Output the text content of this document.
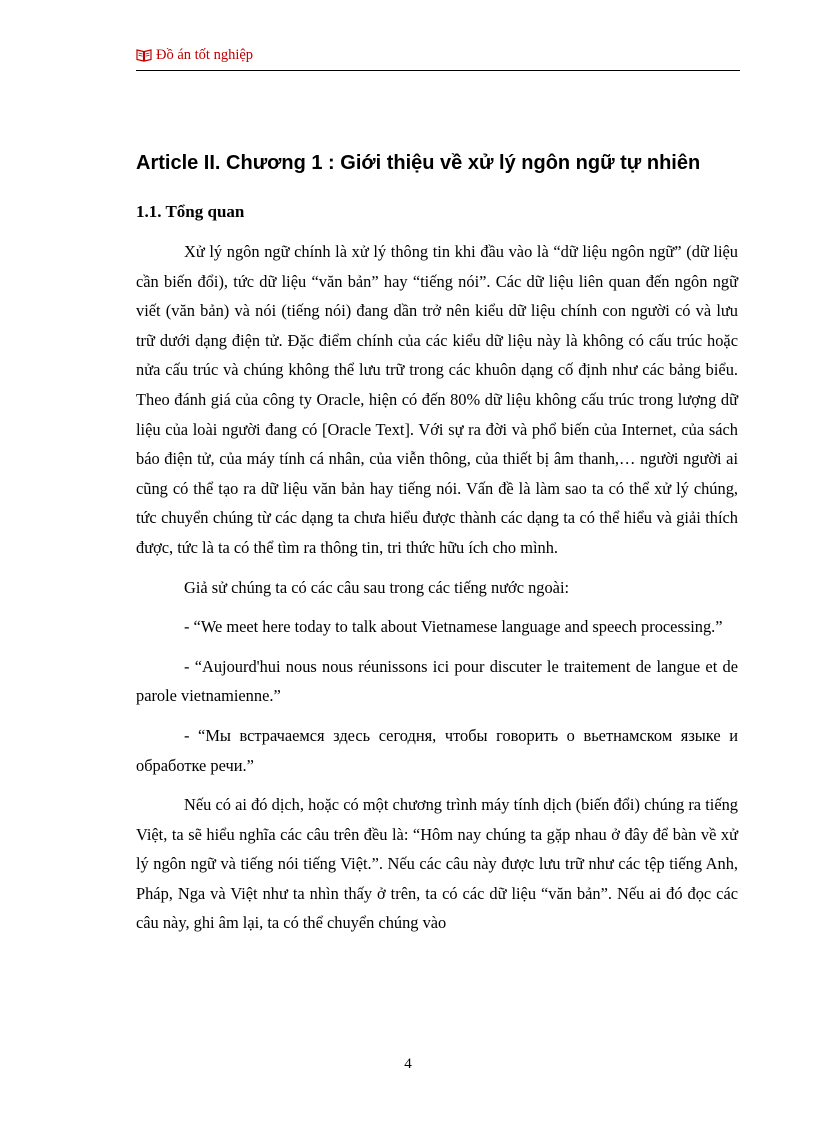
Đồ án tốt nghiệp
Article II. Chương 1 : Giới thiệu về xử lý ngôn ngữ tự nhiên
1.1. Tổng quan

Xử lý ngôn ngữ chính là xử lý thông tin khi đầu vào là “dữ liệu ngôn ngữ” (dữ liệu cần biến đổi), tức dữ liệu “văn bản” hay “tiếng nói”. Các dữ liệu liên quan đến ngôn ngữ viết (văn bản) và nói (tiếng nói) đang dần trở nên kiểu dữ liệu chính con người có và lưu trữ dưới dạng điện tử. Đặc điểm chính của các kiểu dữ liệu này là không có cấu trúc hoặc nửa cấu trúc và chúng không thể lưu trữ trong các khuôn dạng cố định như các bảng biểu. Theo đánh giá của công ty Oracle, hiện có đến 80% dữ liệu không cấu trúc trong lượng dữ liệu của loài người đang có [Oracle Text]. Với sự ra đời và phổ biến của Internet, của sách báo điện tử, của máy tính cá nhân, của viễn thông, của thiết bị âm thanh,… người người ai cũng có thể tạo ra dữ liệu văn bản hay tiếng nói. Vấn đề là làm sao ta có thể xử lý chúng, tức chuyển chúng từ các dạng ta chưa hiểu được thành các dạng ta có thể hiểu và giải thích được, tức là ta có thể tìm ra thông tin, tri thức hữu ích cho mình.

Giả sử chúng ta có các câu sau trong các tiếng nước ngoài:

- “We meet here today to talk about Vietnamese language and speech processing.”

- “Aujourd'hui nous nous réunissons ici pour discuter le traitement de langue et de parole vietnamienne.”

- “Мы встрачаемся здесь сегодня, чтобы говорить о вьетнамском языке и обработке речи.”

Nếu có ai đó dịch, hoặc có một chương trình máy tính dịch (biến đổi) chúng ra tiếng Việt, ta sẽ hiểu nghĩa các câu trên đều là: “Hôm nay chúng ta gặp nhau ở đây để bàn về xử lý ngôn ngữ và tiếng nói tiếng Việt.”. Nếu các câu này được lưu trữ như các tệp tiếng Anh, Pháp, Nga và Việt như ta nhìn thấy ở trên, ta có các dữ liệu “văn bản”. Nếu ai đó đọc các câu này, ghi âm lại, ta có thể chuyển chúng vào

4
